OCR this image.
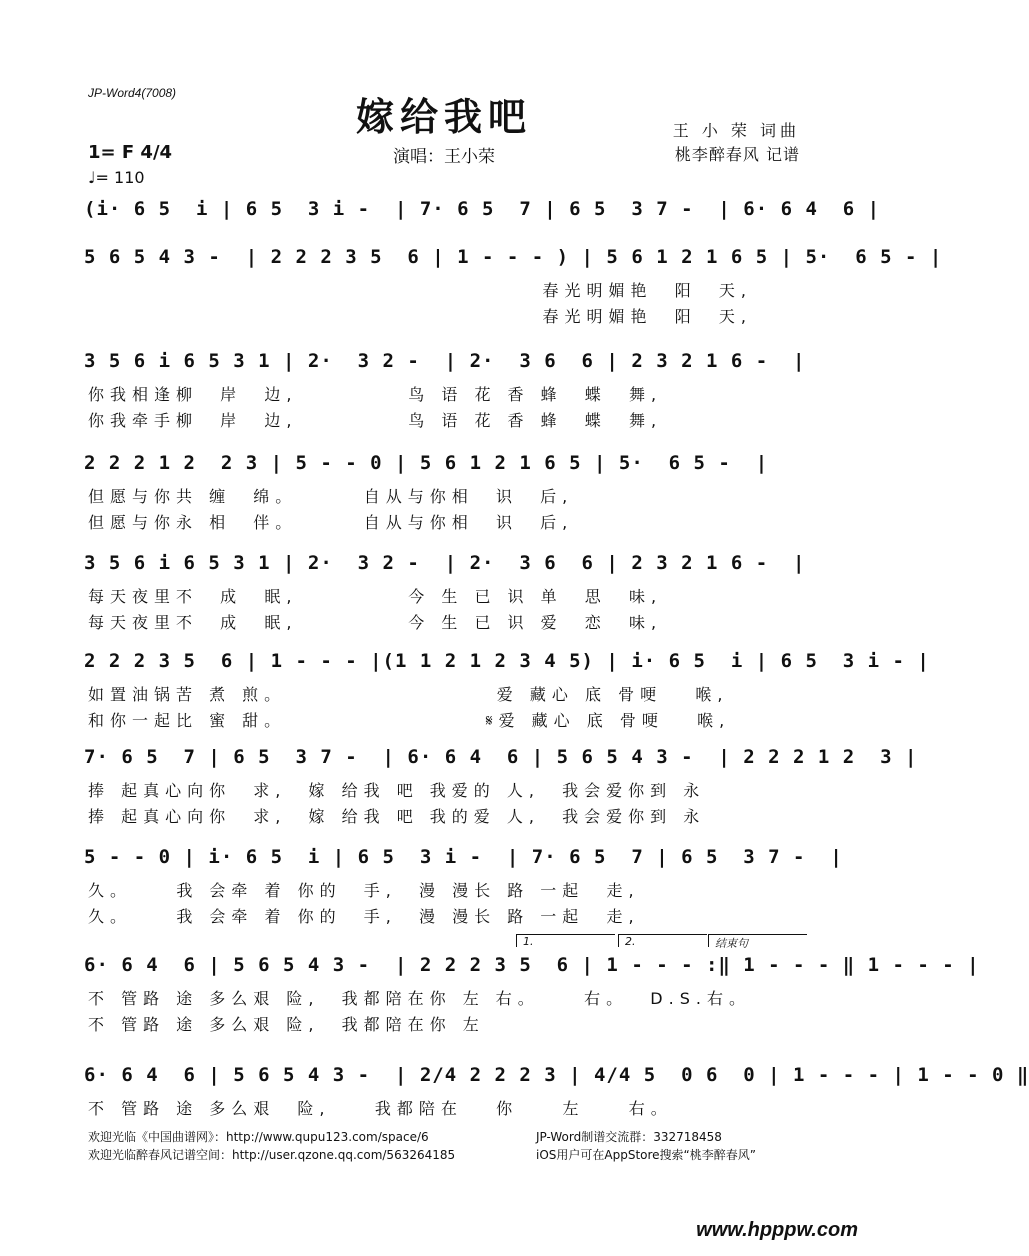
JP-Word4(7008)
嫁给我吧
演唱：王小荣
王 小 荣 词曲
桃李醉春风 记谱
1= F 4/4
♩= 110
(i· 6 5  i | 6 5  3 i -  | 7· 6 5  7 | 6 5  3 7 -  | 6· 6 4  6 |
5 6 5 4 3 -  | 2 2 2 3 5  6 | 1 - - - ) | 5 6 1 2 1 6 5 | 5·  6 5 - |
春光明媚艳  阳  天,
春光明媚艳  阳  天,
3 5 6 i 6 5 3 1 | 2·  3 2 -  | 2·  3 6  6 | 2 3 2 1 6 -  |
你我相逢柳  岸  边,          鸟 语 花 香 蜂  蝶  舞,
你我牵手柳  岸  边,          鸟 语 花 香 蜂  蝶  舞,
2 2 2 1 2  2 3 | 5 - - 0 | 5 6 1 2 1 6 5 | 5·  6 5 -  |
但愿与你共 缠  绵。      自从与你相  识  后,
但愿与你永 相  伴。      自从与你相  识  后,
3 5 6 i 6 5 3 1 | 2·  3 2 -  | 2·  3 6  6 | 2 3 2 1 6 -  |
每天夜里不  成  眠,          今 生 已 识 单  思  味,
每天夜里不  成  眠,          今 生 已 识 爱  恋  味,
2 2 2 3 5  6 | 1 - - - |(1 1 2 1 2 3 4 5) | i· 6 5  i | 6 5  3 i - |
如置油锅苦 煮 煎。                   爱 藏心 底 骨哽   喉,
和你一起比 蜜 甜。                  𝄋爱 藏心 底 骨哽   喉,
7· 6 5  7 | 6 5  3 7 -  | 6· 6 4  6 | 5 6 5 4 3 -  | 2 2 2 1 2  3 |
捧 起真心向你  求,  嫁 给我 吧 我爱的 人,  我会爱你到 永
捧 起真心向你  求,  嫁 给我 吧 我的爱 人,  我会爱你到 永
5 - - 0 | i· 6 5  i | 6 5  3 i -  | 7· 6 5  7 | 6 5  3 7 -  |
久。    我 会牵 着 你的  手,  漫 漫长 路 一起  走,
久。    我 会牵 着 你的  手,  漫 漫长 路 一起  走,
6· 6 4  6 | 5 6 5 4 3 -  | 2 2 2 3 5  6 | 1 - - - :‖ 1 - - - ‖ 1 - - - |
不 管路 途 多么艰 险,  我都陪在你 左 右。    右。  D.S.右。
不 管路 途 多么艰 险,  我都陪在你 左
6· 6 4  6 | 5 6 5 4 3 -  | 2/4 2 2 2 3 | 4/4 5  0 6  0 | 1 - - - | 1 - - 0 ‖
不 管路 途 多么艰  险,    我都陪在   你    左    右。
1.	2.	结束句
欢迎光临《中国曲谱网》：http://www.qupu123.com/space/6
欢迎光临醉春风记谱空间：http://user.qzone.qq.com/563264185
JP-Word制谱交流群：332718458
iOS用户可在AppStore搜索“桃李醉春风”
www.hpppw.com
